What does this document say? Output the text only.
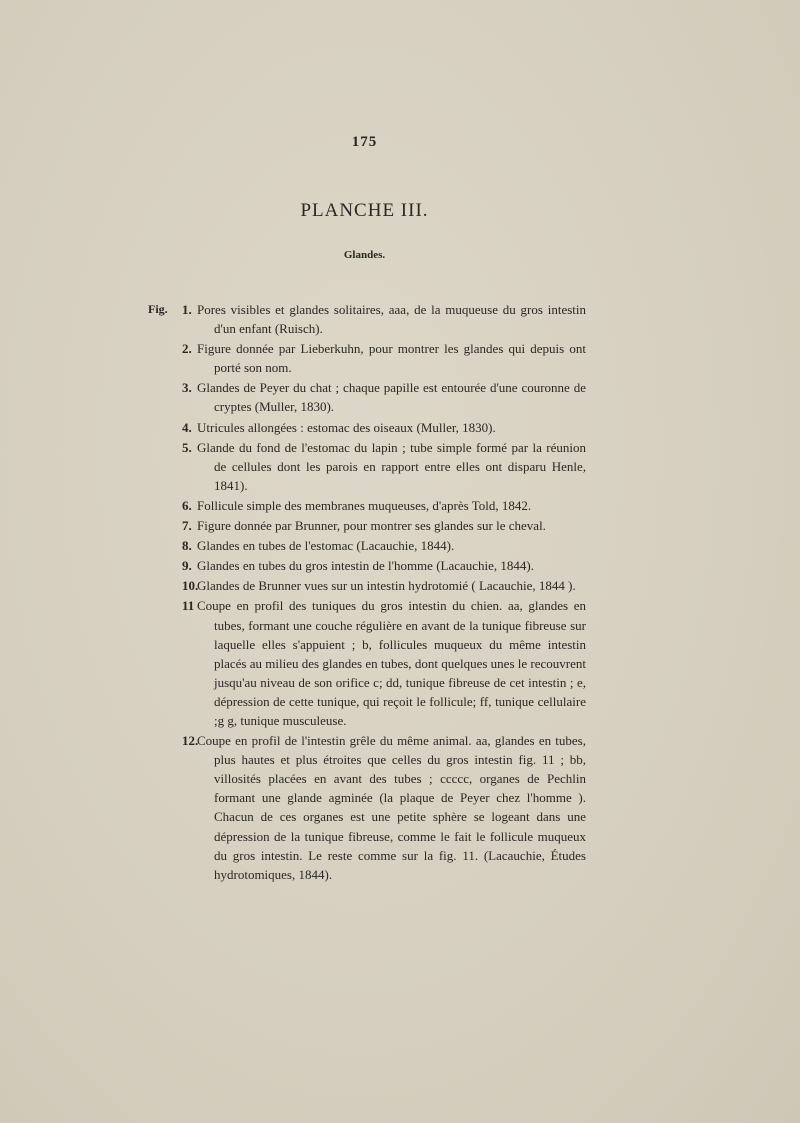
175
PLANCHE III.
Glandes.
Fig. 1. Pores visibles et glandes solitaires, aaa, de la muqueuse du gros intestin d'un enfant (Ruisch).
2. Figure donnée par Lieberkuhn, pour montrer les glandes qui depuis ont porté son nom.
3. Glandes de Peyer du chat ; chaque papille est entourée d'une couronne de cryptes (Muller, 1830).
4. Utricules allongées : estomac des oiseaux (Muller, 1830).
5. Glande du fond de l'estomac du lapin ; tube simple formé par la réunion de cellules dont les parois en rapport entre elles ont disparu Henle, 1841).
6. Follicule simple des membranes muqueuses, d'après Told, 1842.
7. Figure donnée par Brunner, pour montrer ses glandes sur le cheval.
8. Glandes en tubes de l'estomac (Lacauchie, 1844).
9. Glandes en tubes du gros intestin de l'homme (Lacauchie, 1844).
10.
Glandes de Brunner vues sur un intestin hydrotomié ( Lacauchie, 1844 ).
11 Coupe en profil des tuniques du gros intestin du chien. aa, glandes en tubes, formant une couche régulière en avant de la tunique fibreuse sur laquelle elles s'appuient ; b, follicules muqueux du même intestin placés au milieu des glandes en tubes, dont quelques unes le recouvrent jusqu'au niveau de son orifice c; dd, tunique fibreuse de cet intestin ; e, dépression de cette tunique, qui reçoit le follicule; ff, tunique cellulaire ;g g, tunique musculeuse.
12.
Coupe en profil de l'intestin grêle du même animal. aa, glandes en tubes, plus hautes et plus étroites que celles du gros intestin fig. 11 ; bb, villosités placées en avant des tubes ; ccccc, organes de Pechlin formant une glande agminée (la plaque de Peyer chez l'homme ). Chacun de ces organes est une petite sphère se logeant dans une dépression de la tunique fibreuse, comme le fait le follicule muqueux du gros intestin. Le reste comme sur la fig. 11. (Lacauchie, Études hydrotomiques, 1844).
